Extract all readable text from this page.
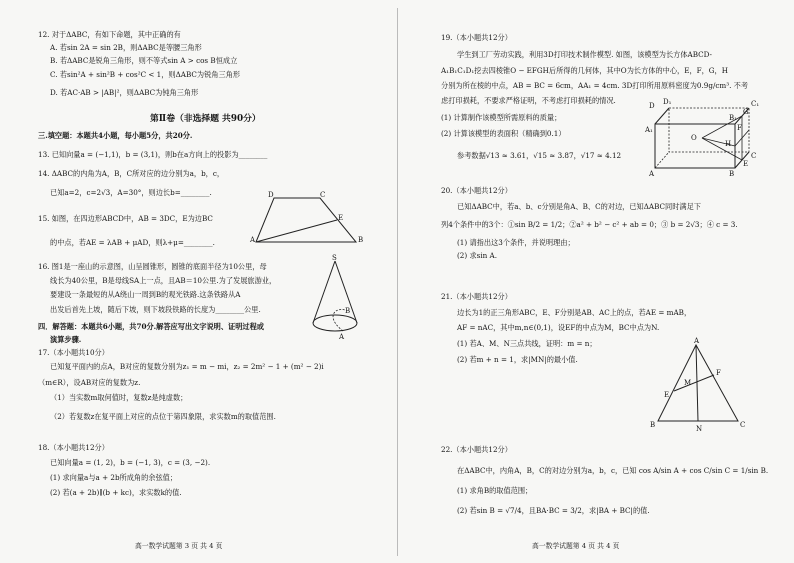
12. 对于ΔABC，有如下命题，其中正确的有
A. 若sin 2A = sin 2B，则ΔABC是等腰三角形
B. 若ΔABC是锐角三角形，则不等式sin A > cos B恒成立
C. 若sin²A + sin²B + cos²C < 1，则ΔABC为锐角三角形
D. 若AC·AB > |AB|²，则ΔABC为钝角三角形
第Ⅱ卷（非选择题 共90分）
三.填空题：本题共4小题，每小题5分，共20分.
13. 已知向量a = (−1,1)，b = (3,1)，则b在a方向上的投影为________
14. ΔABC的内角为A，B，C所对应的边分别为a，b，c，
已知a=2，c=2√3，A=30°，则边长b=________.
15. 如图，在四边形ABCD中，AB = 3DC，E为边BC
的中点，若AE = λAB + μAD，则λ+μ=________.
D	C
E
A	B
16. 图1是一座山的示意图，山呈圆锥形，圆锥的底面半径为10公里，母
线长为40公里，B是母线SA上一点，且AB＝10公里.为了发展旅游业，
要建设一条最短的从A绕山一周到B的观光铁路.这条铁路从A
出发后首先上坡，随后下坡，则下坡段铁路的长度为________公里.
S
B
A
四．解答题：本题共6小题，共70分.解答应写出文字说明、证明过程或
演算步骤.
17.（本小题共10分）
已知复平面内的点A，B对应的复数分别为z₁ = m − mi，z₂ = 2m² − 1 + (m² − 2)i
（m∈R），设AB对应的复数为z.
（1）当实数m取何值时，复数z是纯虚数；
（2）若复数z在复平面上对应的点位于第四象限，求实数m的取值范围.
18.（本小题共12分）
已知向量a = (1, 2)，b = (−1, 3)，c = (3, −2).
(1) 求向量a与a + 2b所成角的余弦值；
(2) 若(a + 2b)∥(b + kc)，求实数k的值.
高一数学试题第 3 页 共 4 页
19.（本小题共12分）
学生到工厂劳动实践，利用3D打印技术制作模型. 如图，该模型为长方体ABCD-
A₁B₁C₁D₁挖去四棱锥O − EFGH后所得的几何体，其中O为长方体的中心，E，F，G，H
分别为所在棱的中点，AB = BC = 6cm，AA₁ = 4cm. 3D打印所用原料密度为0.9g/cm³. 不考
虑打印损耗，不要求严格证明，不考虑打印损耗的情况.
(1) 计算制作该模型所需原料的质量；
(2) 计算该模型的表面积（精确到0.1）
参考数据√13 ≈ 3.61，√15 ≈ 3.87，√17 ≈ 4.12
D
A
A₁
D₁	C₁
B₁
B
C
O
E
F
G
H
20.（本小题共12分）
已知ΔABC中，若a、b、c分别是角A、B、C的对边，已知ΔABC同时满足下
列4个条件中的3个：①sin B/2 = 1/2；②a² + b² − c² + ab = 0；③ b = 2√3；④ c = 3.
(1) 请指出这3个条件，并说明理由；
(2) 求sin A.
21.（本小题共12分）
边长为1的正三角形ABC，E、F分别是AB、AC上的点，若AE = mAB，
AF = nAC，其中m,n∈(0,1)，设EF的中点为M，BC中点为N.
(1) 若A、M、N三点共线，证明：m = n；
(2) 若m + n = 1，求|MN|的最小值.
A
F
M
E
B	N	C
22.（本小题共12分）
在ΔABC中，内角A，B，C的对边分别为a，b，c，已知 cos A/sin A + cos C/sin C = 1/sin B.
(1) 求角B的取值范围；
(2) 若sin B = √7/4，且BA·BC = 3/2，求|BA + BC|的值.
高一数学试题第 4 页 共 4 页
